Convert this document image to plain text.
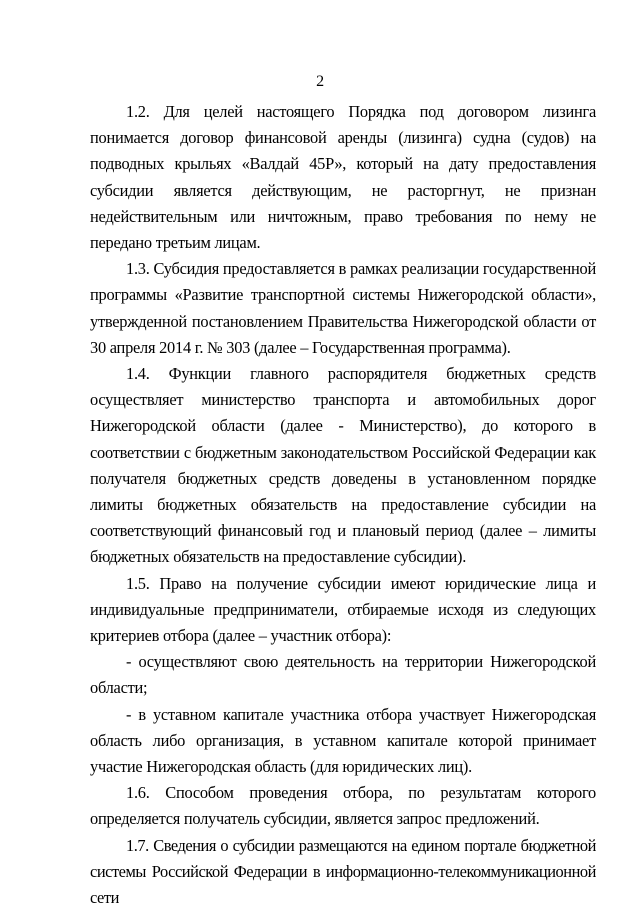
2

1.2. Для целей настоящего Порядка под договором лизинга понимается договор финансовой аренды (лизинга) судна (судов) на подводных крыльях «Валдай 45Р», который на дату предоставления субсидии является действующим, не расторгнут, не признан недействительным или ничтожным, право требования по нему не передано третьим лицам.

1.3. Субсидия предоставляется в рамках реализации государственной программы «Развитие транспортной системы Нижегородской области», утвержденной постановлением Правительства Нижегородской области от 30 апреля 2014 г. № 303 (далее – Государственная программа).

1.4. Функции главного распорядителя бюджетных средств осуществляет министерство транспорта и автомобильных дорог Нижегородской области (далее - Министерство), до которого в соответствии с бюджетным законодательством Российской Федерации как получателя бюджетных средств доведены в установленном порядке лимиты бюджетных обязательств на предоставление субсидии на соответствующий финансовый год и плановый период (далее – лимиты бюджетных обязательств на предоставление субсидии).

1.5. Право на получение субсидии имеют юридические лица и индивидуальные предприниматели, отбираемые исходя из следующих критериев отбора (далее – участник отбора):

- осуществляют свою деятельность на территории Нижегородской области;

- в уставном капитале участника отбора участвует Нижегородская область либо организация, в уставном капитале которой принимает участие Нижегородская область (для юридических лиц).

1.6. Способом проведения отбора, по результатам которого определяется получатель субсидии, является запрос предложений.

1.7. Сведения о субсидии размещаются на едином портале бюджетной системы Российской Федерации в информационно-телекоммуникационной сети
